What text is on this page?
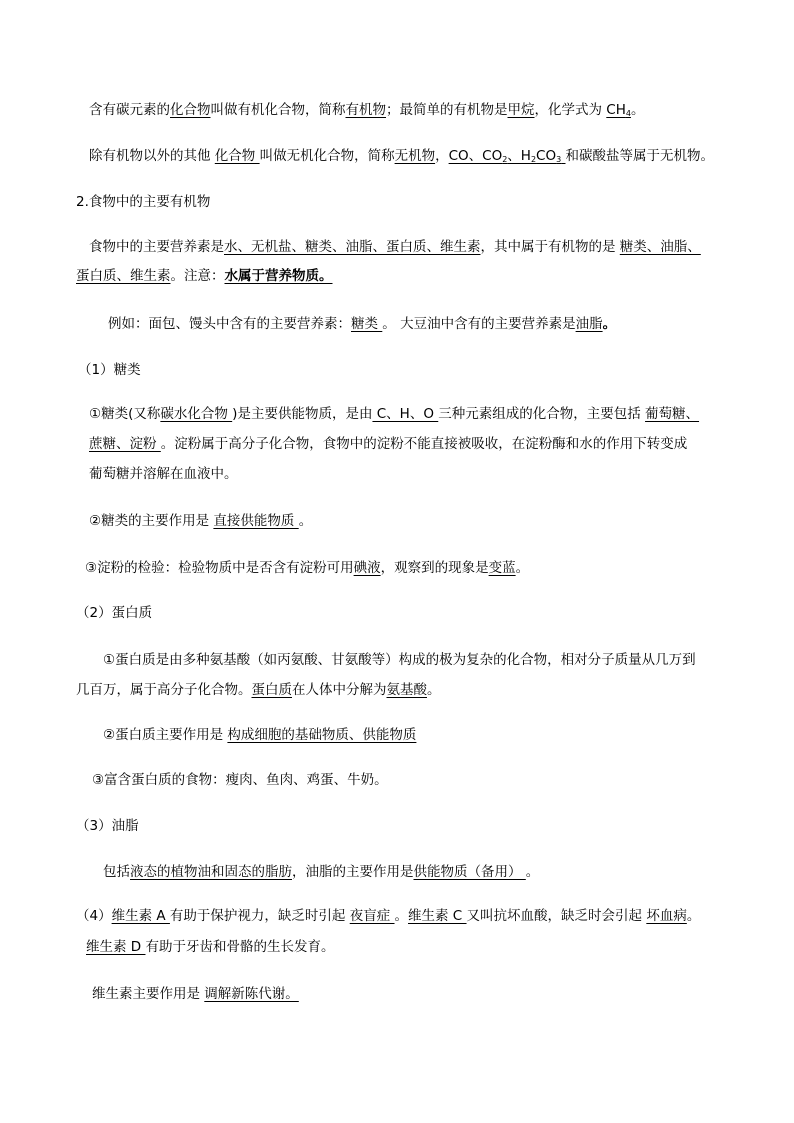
含有碳元素的化合物叫做有机化合物，简称有机物；最简单的有机物是甲烷，化学式为 $CH_4$。
除有机物以外的其他 化合物 叫做无机化合物，简称无机物，CO、$CO_2$、$H_2CO_3$ 和碳酸盐等属于无机物。
2.食物中的主要有机物
食物中的主要营养素是水、无机盐、糖类、油脂、蛋白质、维生素，其中属于有机物的是 糖类、油脂、
蛋白质、维生素。注意：水属于营养物质。
例如：面包、馒头中含有的主要营养素：糖类 。 大豆油中含有的主要营养素是油脂。
（1）糖类
①糖类(又称碳水化合物 )是主要供能物质，是由 C、H、O 三种元素组成的化合物，主要包括 葡萄糖、
蔗糖、淀粉 。淀粉属于高分子化合物，食物中的淀粉不能直接被吸收，在淀粉酶和水的作用下转变成
葡萄糖并溶解在血液中。
②糖类的主要作用是 直接供能物质 。
③淀粉的检验：检验物质中是否含有淀粉可用碘液，观察到的现象是变蓝。
（2）蛋白质
①蛋白质是由多种氨基酸（如丙氨酸、甘氨酸等）构成的极为复杂的化合物，相对分子质量从几万到
几百万，属于高分子化合物。蛋白质在人体中分解为氨基酸。
②蛋白质主要作用是 构成细胞的基础物质、供能物质
③富含蛋白质的食物：瘦肉、鱼肉、鸡蛋、牛奶。
（3）油脂
包括液态的植物油和固态的脂肪，油脂的主要作用是供能物质（备用） 。
（4）维生素 A 有助于保护视力，缺乏时引起 夜盲症 。维生素 C 又叫抗坏血酸，缺乏时会引起 坏血病。
维生素 D 有助于牙齿和骨骼的生长发育。
维生素主要作用是 调解新陈代谢。
